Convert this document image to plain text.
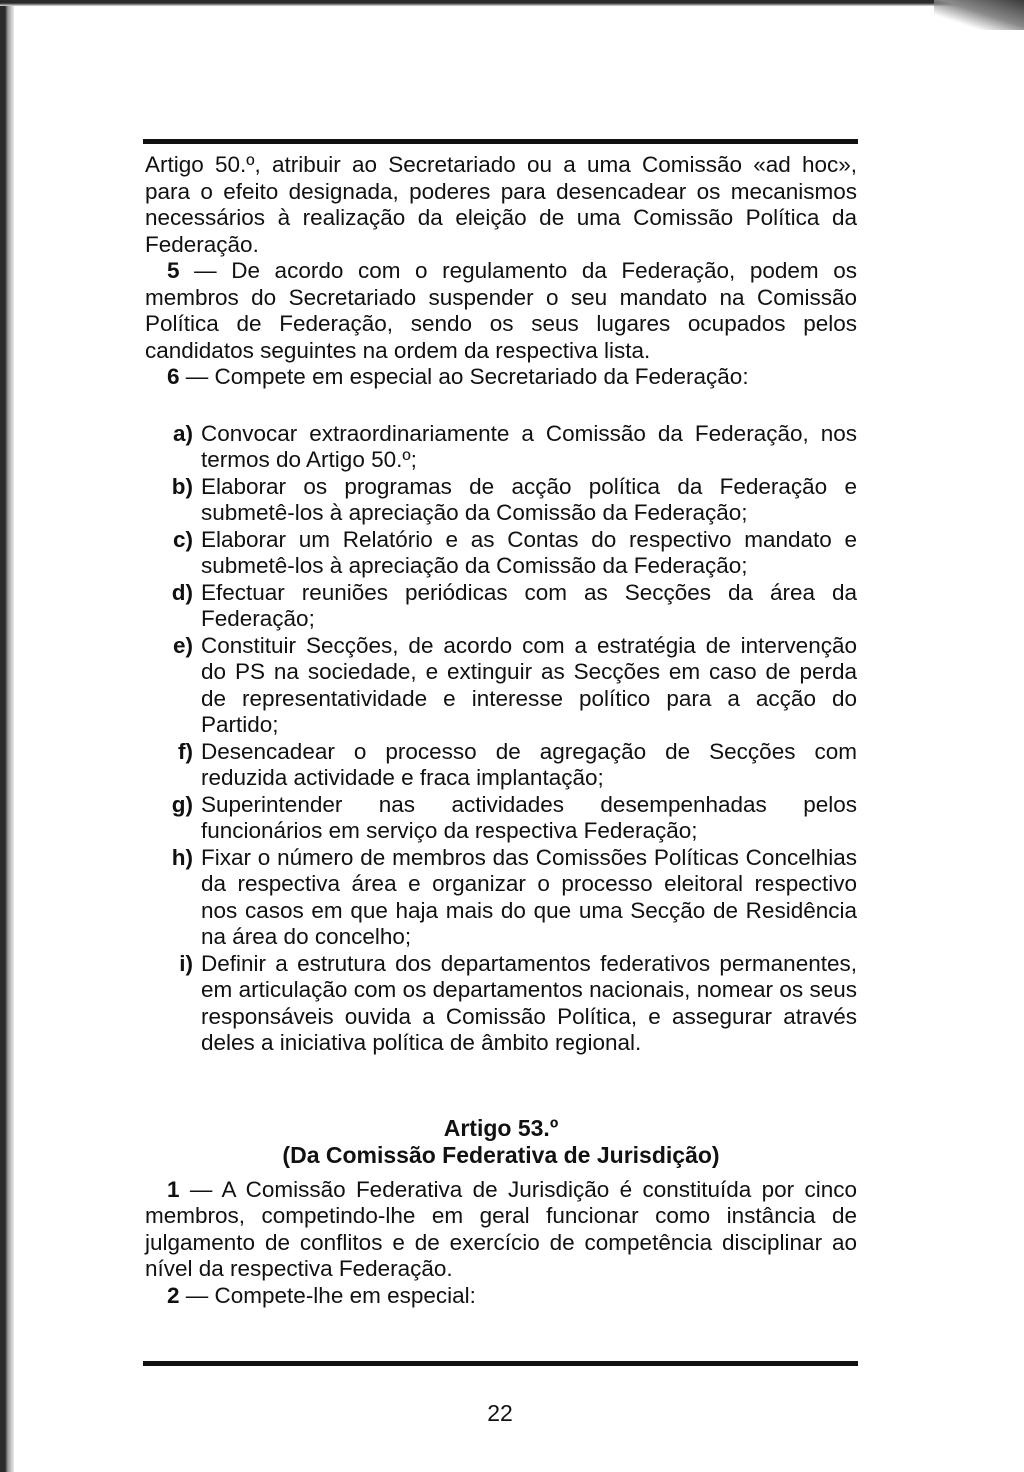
Artigo 50.º, atribuir ao Secretariado ou a uma Comissão «ad hoc», para o efeito designada, poderes para desencadear os mecanismos necessários à realização da eleição de uma Comissão Política da Federação.

5 — De acordo com o regulamento da Federação, podem os membros do Secretariado suspender o seu mandato na Comissão Política de Federação, sendo os seus lugares ocupados pelos candidatos seguintes na ordem da respectiva lista.

6 — Compete em especial ao Secretariado da Federação:

a) Convocar extraordinariamente a Comissão da Federação, nos termos do Artigo 50.º;
b) Elaborar os programas de acção política da Federação e submetê-los à apreciação da Comissão da Federação;
c) Elaborar um Relatório e as Contas do respectivo mandato e submetê-los à apreciação da Comissão da Federação;
d) Efectuar reuniões periódicas com as Secções da área da Federação;
e) Constituir Secções, de acordo com a estratégia de intervenção do PS na sociedade, e extinguir as Secções em caso de perda de representatividade e interesse político para a acção do Partido;
f) Desencadear o processo de agregação de Secções com reduzida actividade e fraca implantação;
g) Superintender nas actividades desempenhadas pelos funcionários em serviço da respectiva Federação;
h) Fixar o número de membros das Comissões Políticas Concelhias da respectiva área e organizar o processo eleitoral respectivo nos casos em que haja mais do que uma Secção de Residência na área do concelho;
i) Definir a estrutura dos departamentos federativos permanentes, em articulação com os departamentos nacionais, nomear os seus responsáveis ouvida a Comissão Política, e assegurar através deles a iniciativa política de âmbito regional.
Artigo 53.º
(Da Comissão Federativa de Jurisdição)

1 — A Comissão Federativa de Jurisdição é constituída por cinco membros, competindo-lhe em geral funcionar como instância de julgamento de conflitos e de exercício de competência disciplinar ao nível da respectiva Federação.

2 — Compete-lhe em especial:

22
